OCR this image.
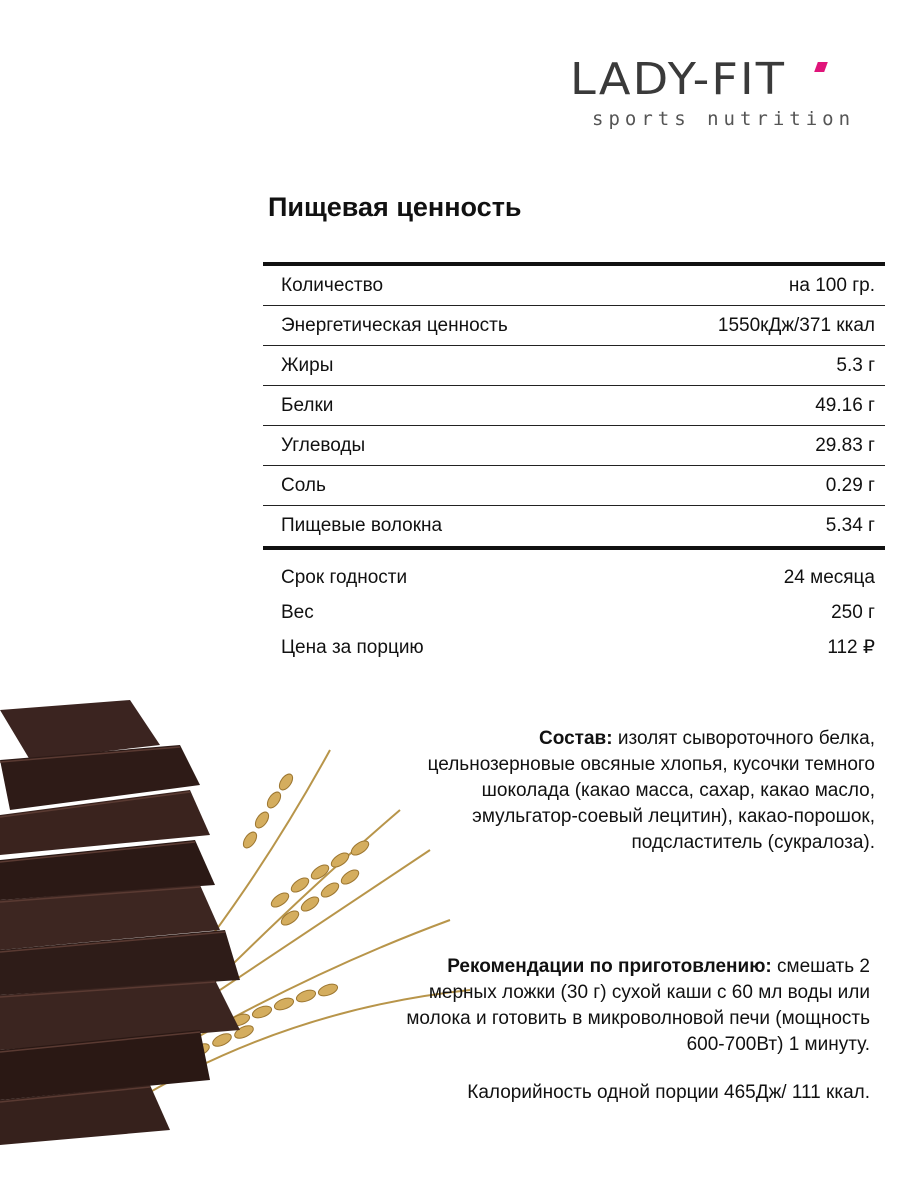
LADY-FIT
sports nutrition
Пищевая ценность
Количество	на 100 гр.
Энергетическая ценность	1550кДж/371 ккал
Жиры	5.3 г
Белки	49.16 г
Углеводы	29.83 г
Соль	0.29 г
Пищевые волокна	5.34 г
Срок годности	24 месяца
Вес	250 г
Цена за порцию	112 ₽
Состав: изолят сывороточного белка, цельнозерновые овсяные хлопья, кусочки темного шоколада (какао масса, сахар, какао масло, эмульгатор-соевый лецитин), какао-порошок, подсластитель (сукралоза).
Рекомендации по приготовлению: смешать 2 мерных ложки (30 г) сухой каши с 60 мл воды или молока и готовить в микроволновой печи (мощность 600-700Вт) 1 минуту.
Калорийность одной порции 465Дж/ 111 ккал.
